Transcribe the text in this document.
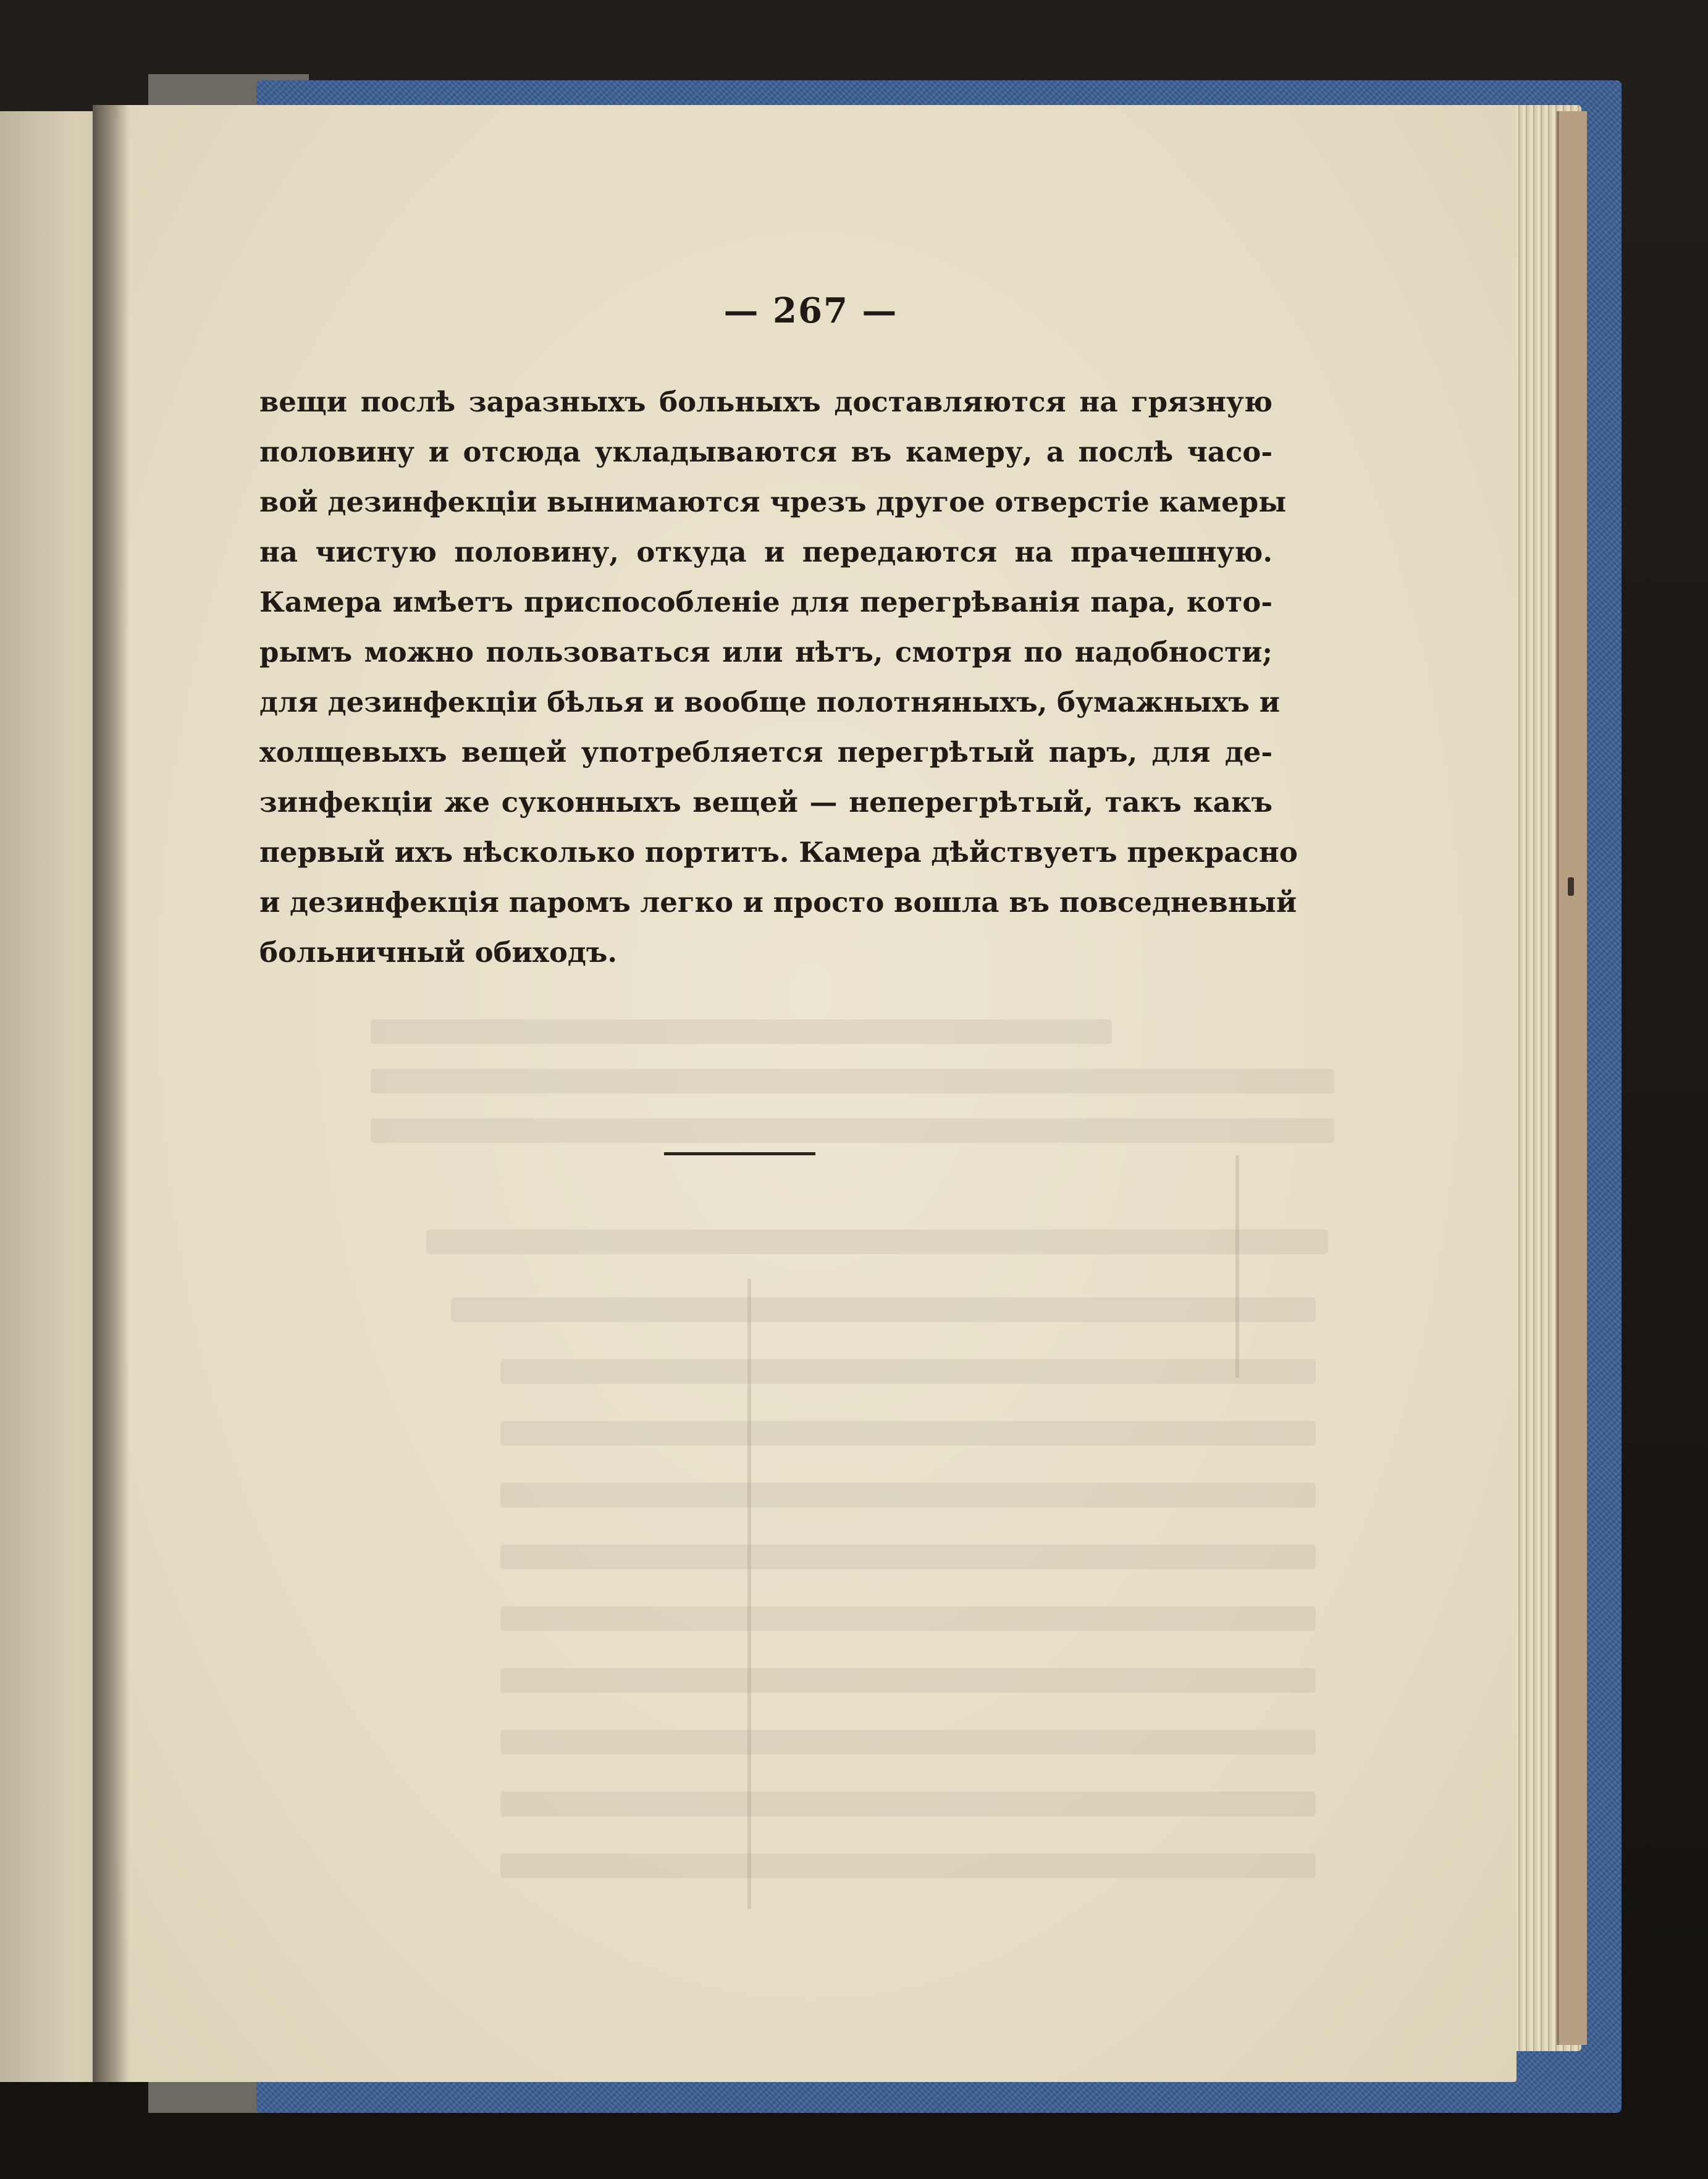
— 267 —
вещи послѣ заразныхъ больныхъ доставляются на грязную
половину и отсюда укладываются въ камеру, а послѣ часо-
вой дезинфекціи вынимаются чрезъ другое отверстіе камеры
на чистую половину, откуда и передаются на прачешную.
Камера имѣетъ приспособленіе для перегрѣванія пара, кото-
рымъ можно пользоваться или нѣтъ, смотря по надобности;
для дезинфекціи бѣлья и вообще полотняныхъ, бумажныхъ и
холщевыхъ вещей употребляется перегрѣтый паръ, для де-
зинфекціи же суконныхъ вещей — неперегрѣтый, такъ какъ
первый ихъ нѣсколько портитъ. Камера дѣйствуетъ прекрасно
и дезинфекція паромъ легко и просто вошла въ повседневный
больничный обиходъ.
